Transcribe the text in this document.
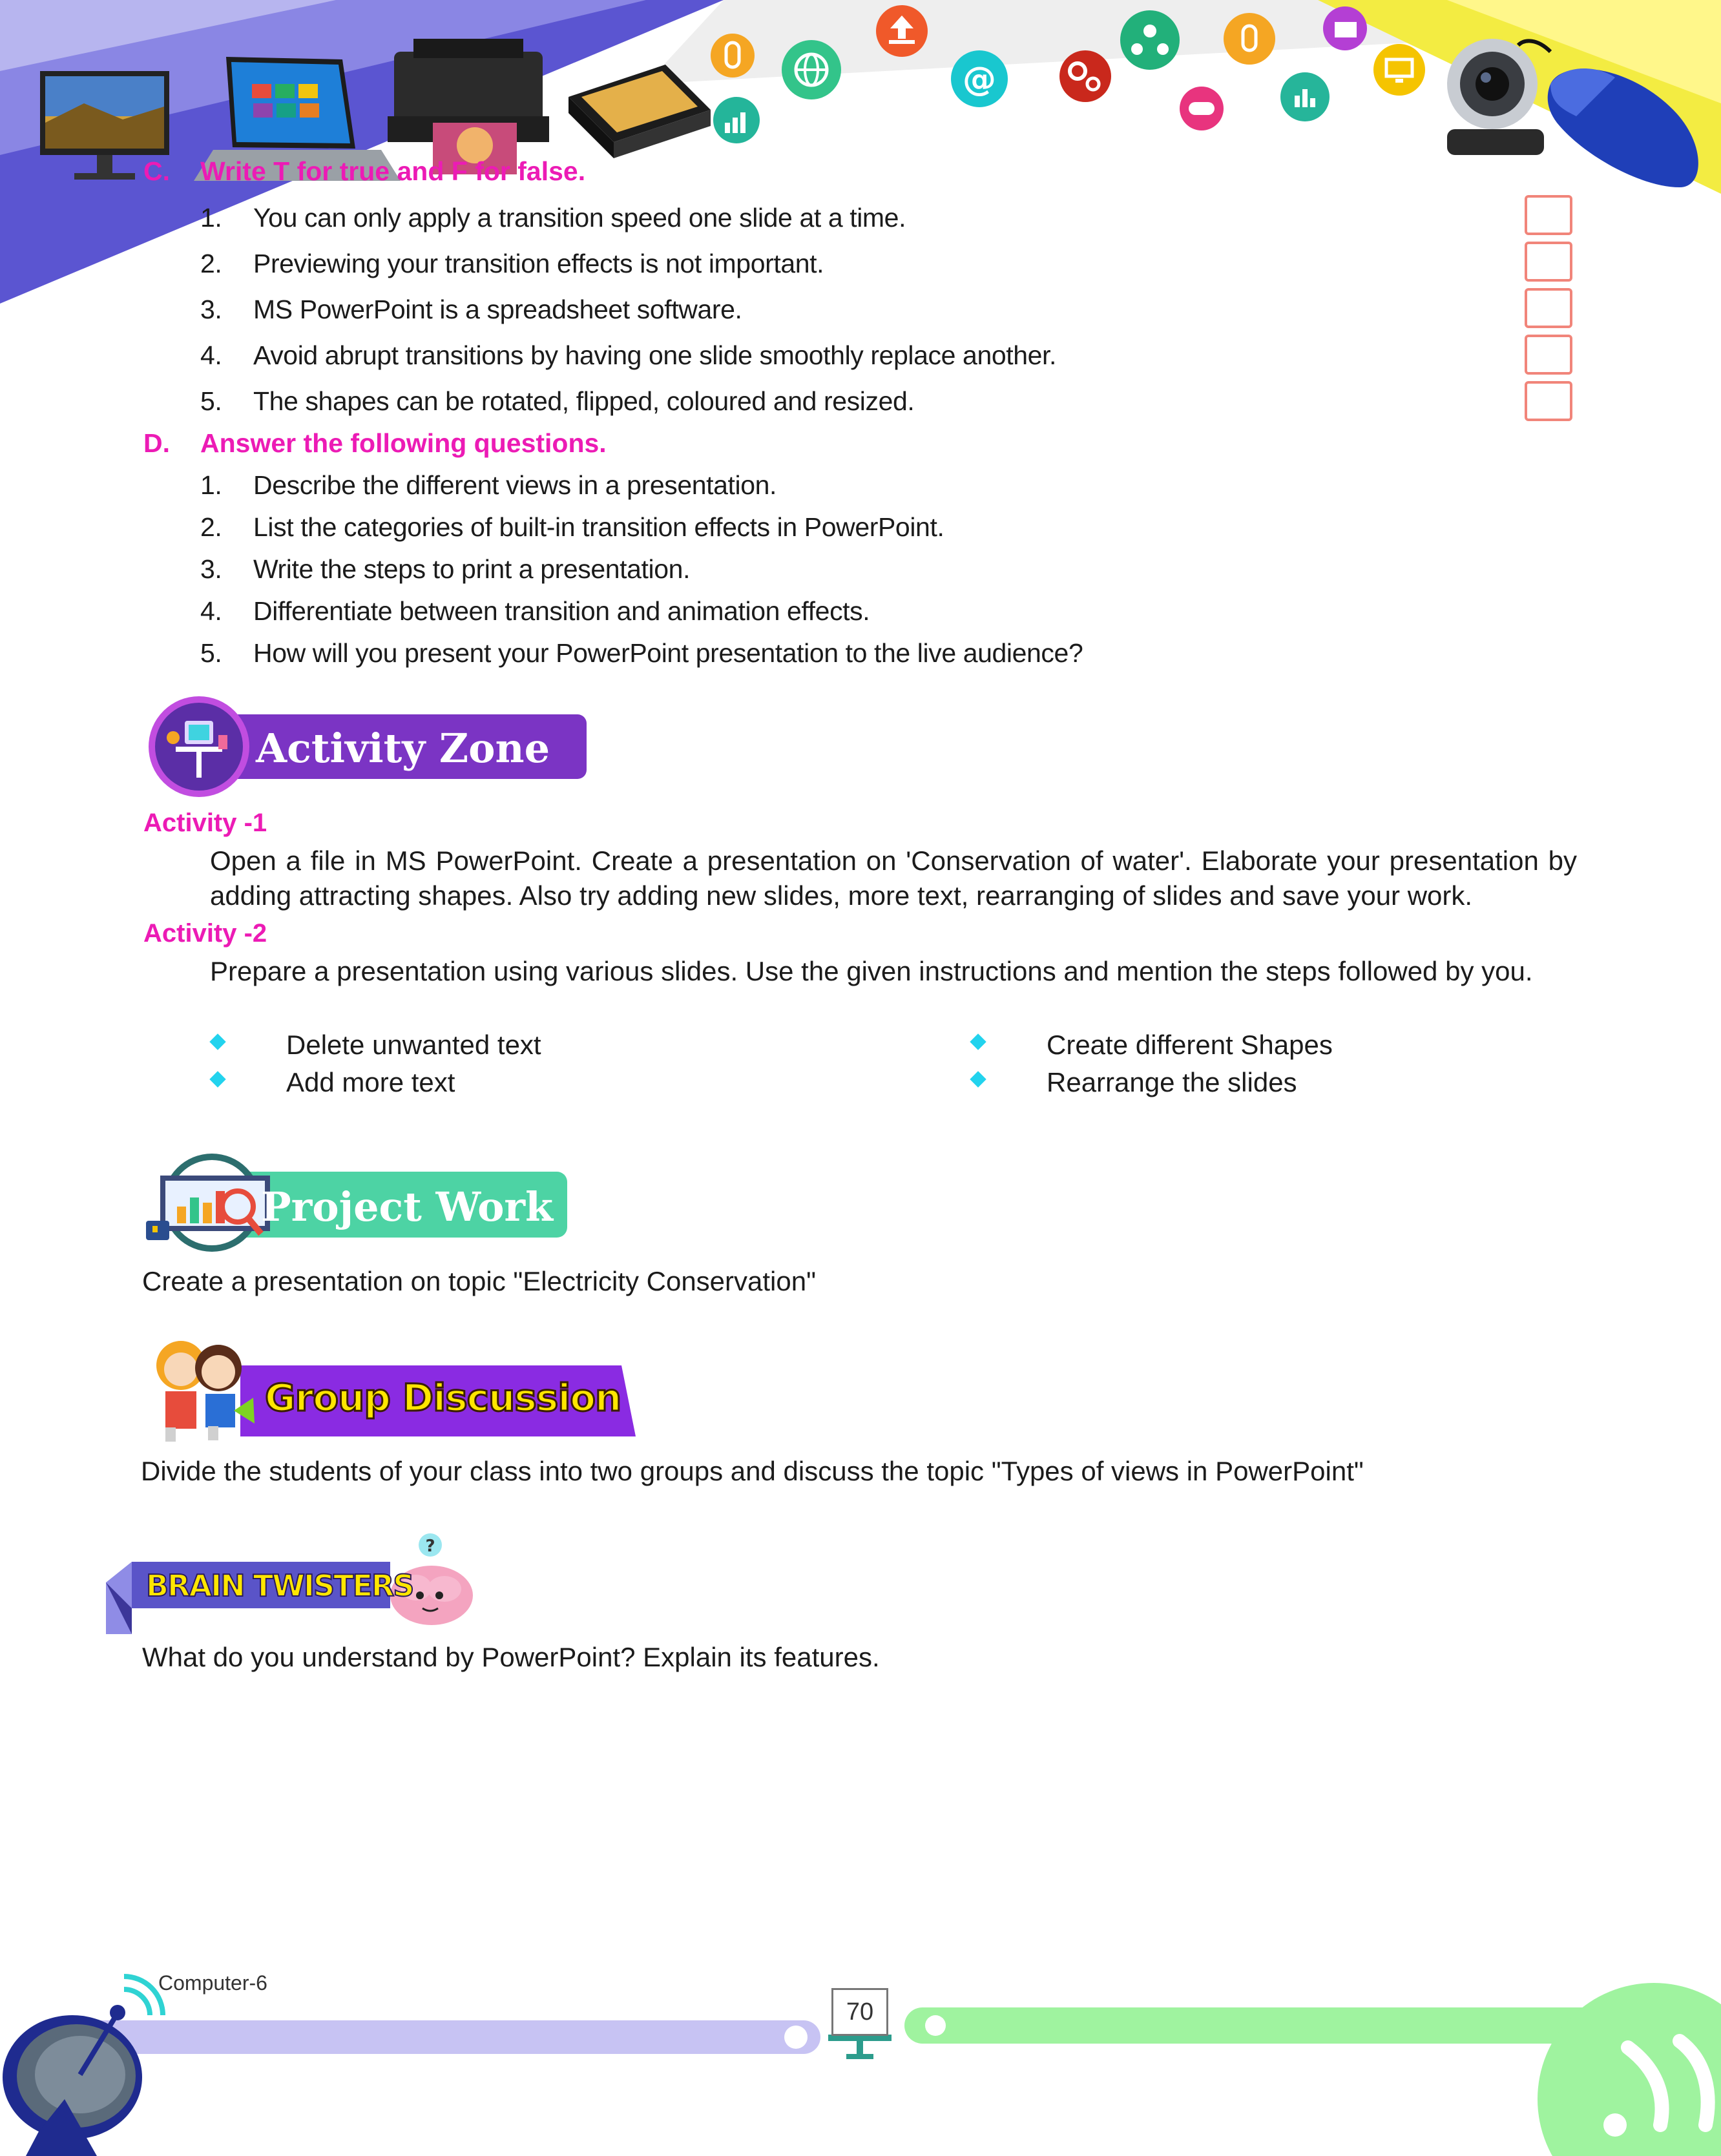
@
C. Write T for true and F for false.
1. You can only apply a transition speed one slide at a time.
2. Previewing your transition effects is not important.
3. MS PowerPoint is a spreadsheet software.
4. Avoid abrupt transitions by having one slide smoothly replace another.
5. The shapes can be rotated, flipped, coloured and resized.
D. Answer the following questions.
1. Describe the different views in a presentation.
2. List the categories of built-in transition effects in PowerPoint.
3. Write the steps to print a presentation.
4. Differentiate between transition and animation effects.
5. How will you present your PowerPoint presentation to the live audience?
Activity Zone
Activity -1
Open a file in MS PowerPoint. Create a presentation on 'Conservation of water'. Elaborate your presentation by adding attracting shapes. Also try adding new slides, more text, rearranging of slides and save your work.
Activity -2
Prepare a presentation using various slides. Use the given instructions and mention the steps followed by you.
Delete unwanted text
Add more text
Create different Shapes
Rearrange the slides
Project Work
Create a presentation on topic "Electricity Conservation"
Group Discussion
Divide the students of your class into two groups and discuss the topic "Types of views in PowerPoint"
?
BRAIN TWISTERS
What do you understand by PowerPoint? Explain its features.
Computer-6
70
